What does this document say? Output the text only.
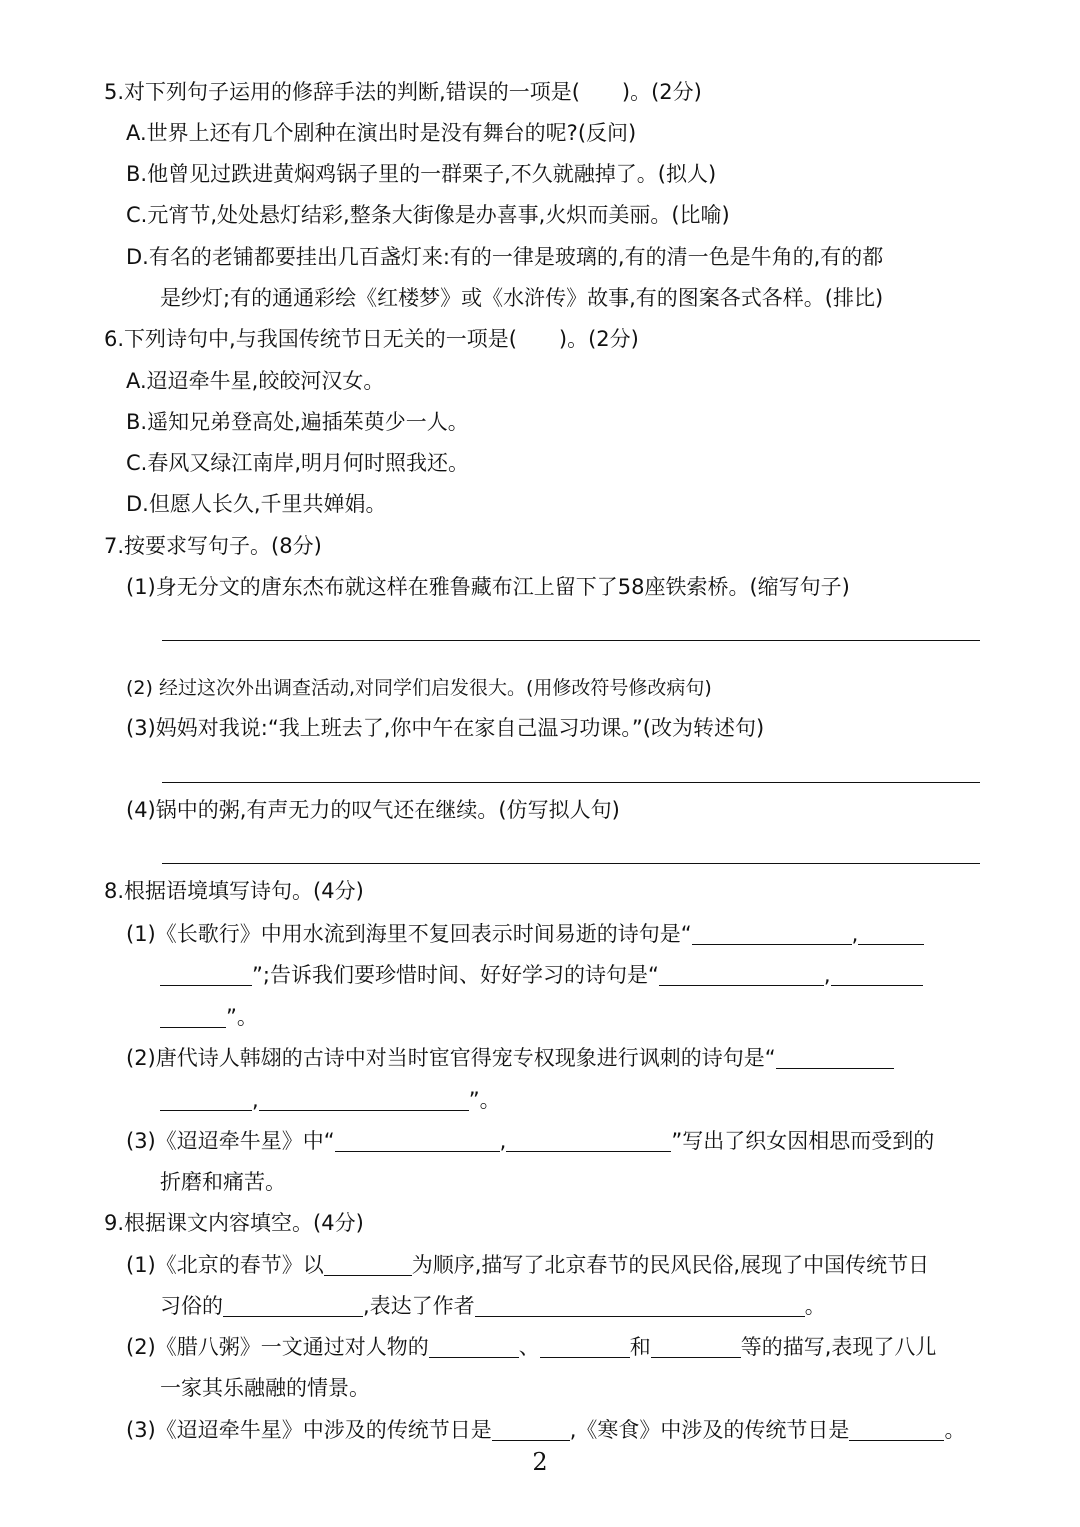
5.对下列句子运用的修辞手法的判断,错误的一项是(　　)。(2分)
A.世界上还有几个剧种在演出时是没有舞台的呢?(反问)
B.他曾见过跌进黄焖鸡锅子里的一群栗子,不久就融掉了。(拟人)
C.元宵节,处处悬灯结彩,整条大街像是办喜事,火炽而美丽。(比喻)
D.有名的老铺都要挂出几百盏灯来:有的一律是玻璃的,有的清一色是牛角的,有的都
是纱灯;有的通通彩绘《红楼梦》或《水浒传》故事,有的图案各式各样。(排比)
6.下列诗句中,与我国传统节日无关的一项是(　　)。(2分)
A.迢迢牵牛星,皎皎河汉女。
B.遥知兄弟登高处,遍插茱萸少一人。
C.春风又绿江南岸,明月何时照我还。
D.但愿人长久,千里共婵娟。
7.按要求写句子。(8分)
(1)身无分文的唐东杰布就这样在雅鲁藏布江上留下了58座铁索桥。(缩写句子)
(2) 经过这次外出调查活动,对同学们启发很大。(用修改符号修改病句)
(3)妈妈对我说:“我上班去了,你中午在家自己温习功课。”(改为转述句)
(4)锅中的粥,有声无力的叹气还在继续。(仿写拟人句)
8.根据语境填写诗句。(4分)
(1)《长歌行》中用水流到海里不复回表示时间易逝的诗句是“	,
”;告诉我们要珍惜时间、好好学习的诗句是“	,
”。
(2)唐代诗人韩翃的古诗中对当时宦官得宠专权现象进行讽刺的诗句是“
,	”。
(3)《迢迢牵牛星》中“	,	”写出了织女因相思而受到的
折磨和痛苦。
9.根据课文内容填空。(4分)
(1)《北京的春节》以	为顺序,描写了北京春节的民风民俗,展现了中国传统节日
习俗的	,表达了作者	。
(2)《腊八粥》一文通过对人物的	、	和	等的描写,表现了八儿
一家其乐融融的情景。
(3)《迢迢牵牛星》中涉及的传统节日是	,《寒食》中涉及的传统节日是	。
2
